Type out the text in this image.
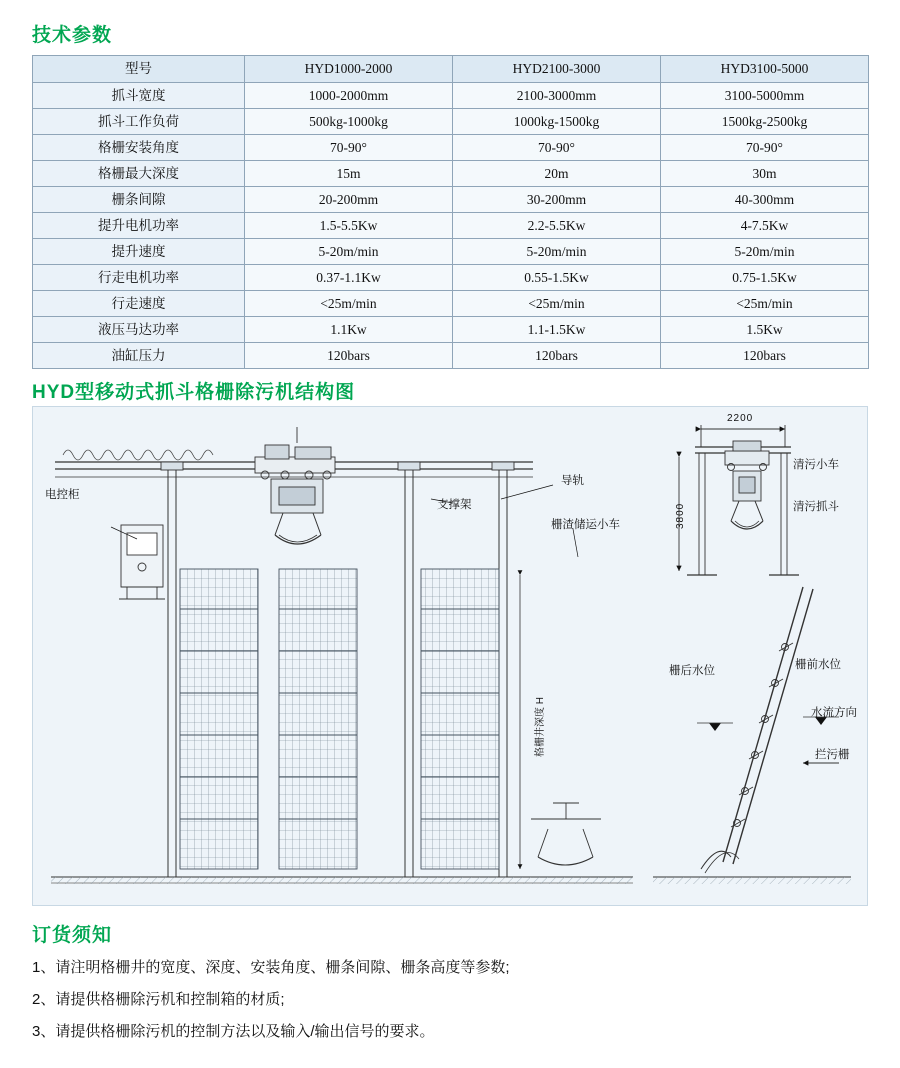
技术参数
型号	HYD1000-2000	HYD2100-3000	HYD3100-5000
抓斗宽度	1000-2000mm	2100-3000mm	3100-5000mm
抓斗工作负荷	500kg-1000kg	1000kg-1500kg	1500kg-2500kg
格栅安装角度	70-90°	70-90°	70-90°
格栅最大深度	15m	20m	30m
栅条间隙	20-200mm	30-200mm	40-300mm
提升电机功率	1.5-5.5Kw	2.2-5.5Kw	4-7.5Kw
提升速度	5-20m/min	5-20m/min	5-20m/min
行走电机功率	0.37-1.1Kw	0.55-1.5Kw	0.75-1.5Kw
行走速度	<25m/min	<25m/min	<25m/min
液压马达功率	1.1Kw	1.1-1.5Kw	1.5Kw
油缸压力	120bars	120bars	120bars
HYD型移动式抓斗格栅除污机结构图
电控柜
支撑架
导轨
栅渣储运小车
格栅井深度 H
清污小车
清污抓斗
栅后水位	栅前水位
水流方向
拦污栅
2200
3800
订货须知
1、请注明格栅井的宽度、深度、安装角度、栅条间隙、栅条高度等参数;
2、请提供格栅除污机和控制箱的材质;
3、请提供格栅除污机的控制方法以及输入/输出信号的要求。
